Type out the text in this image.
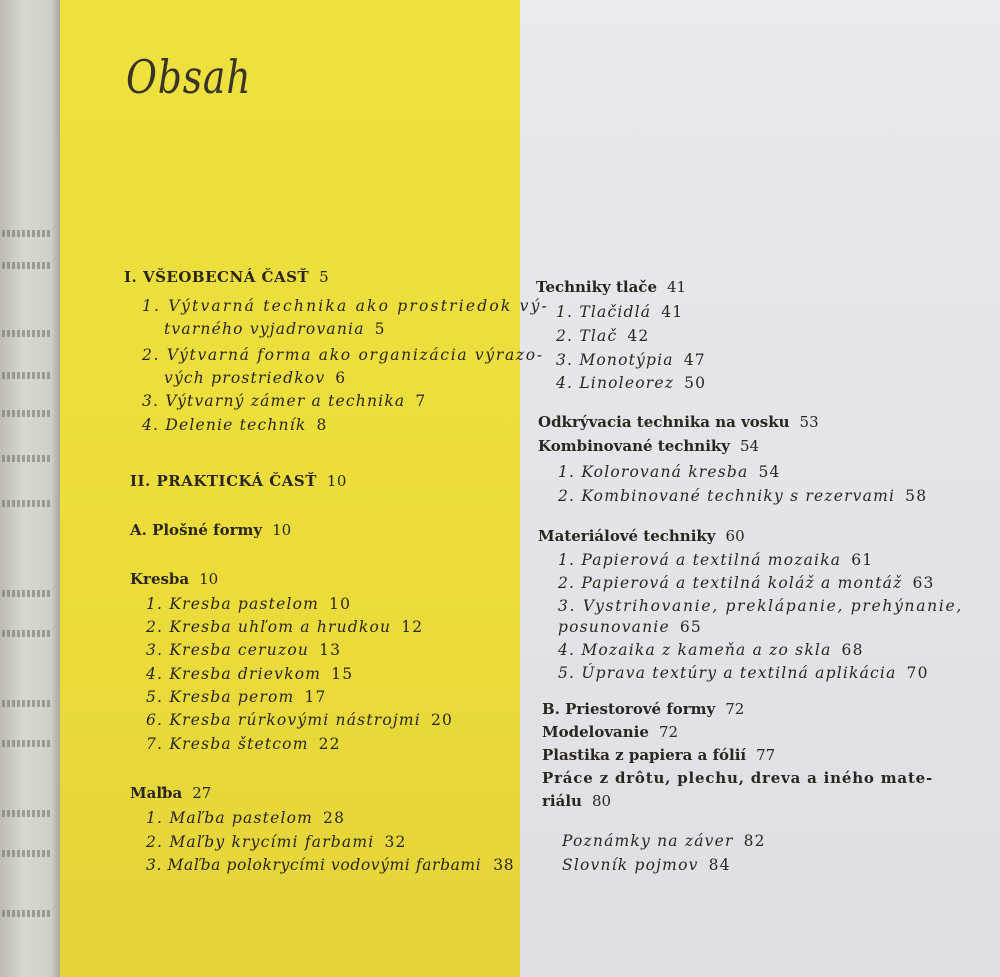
Obsah
I. VŠEOBECNÁ ČASŤ 5
1. Výtvarná technika ako prostriedok vý-
tvarného vyjadrovania 5
2. Výtvarná forma ako organizácia výrazo-
vých prostriedkov 6
3. Výtvarný zámer a technika 7
4. Delenie techník 8
II. PRAKTICKÁ ČASŤ 10
A. Plošné formy 10
Kresba 10
1. Kresba pastelom 10
2. Kresba uhľom a hrudkou 12
3. Kresba ceruzou 13
4. Kresba drievkom 15
5. Kresba perom 17
6. Kresba rúrkovými nástrojmi 20
7. Kresba štetcom 22
Maľba 27
1. Maľba pastelom 28
2. Maľby krycími farbami 32
3. Maľba polokrycími vodovými farbami 38
Techniky tlače 41
1. Tlačidlá 41
2. Tlač 42
3. Monotýpia 47
4. Linoleorez 50
Odkrývacia technika na vosku 53
Kombinované techniky 54
1. Kolorovaná kresba 54
2. Kombinované techniky s rezervami 58
Materiálové techniky 60
1. Papierová a textilná mozaika 61
2. Papierová a textilná koláž a montáž 63
3. Vystrihovanie, preklápanie, prehýnanie,
posunovanie 65
4. Mozaika z kameňa a zo skla 68
5. Úprava textúry a textilná aplikácia 70
B. Priestorové formy 72
Modelovanie 72
Plastika z papiera a fólií 77
Práce z drôtu, plechu, dreva a iného mate-
riálu 80
Poznámky na záver 82
Slovník pojmov 84
